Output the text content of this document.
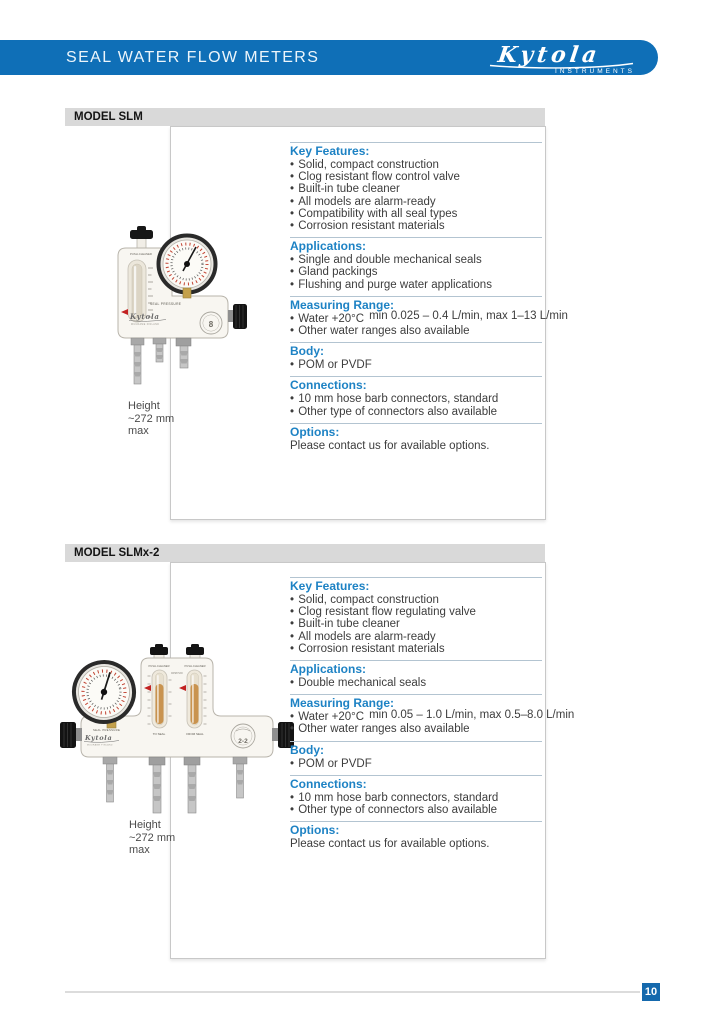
SEAL WATER FLOW METERS	Kytola
INSTRUMENTS
MODEL SLM
PUSH-CLEANER
SEAL PRESSURE
8
Kytola
MUURAME FINLAND
Height
~272 mm
max
Key Features:
• Solid, compact construction
• Clog resistant flow control valve
• Built-in tube cleaner
• All models are alarm-ready
• Compatibility with all seal types
• Corrosion resistant materials
Applications:
• Single and double mechanical seals
• Gland packings
• Flushing and purge water applications
Measuring Range:
• Water +20°C min 0.025 – 0.4 L/min, max 1–13 L/min
• Other water ranges also available
Body:
• POM or PVDF
Connections:
• 10 mm hose barb connectors, standard
• Other type of connectors also available
Options:
Please contact us for available options.
MODEL SLMx-2
PUSH-CLEANER	PUSH-CLEANER
DPM H2O
TO SEAL	FROM SEAL
SEAL PRESSURE
2-2
Kytola
MUURAME FINLAND
Height
~272 mm
max
Key Features:
• Solid, compact construction
• Clog resistant flow regulating valve
• Built-in tube cleaner
• All models are alarm-ready
• Corrosion resistant materials
Applications:
• Double mechanical seals
Measuring Range:
• Water +20°C min 0.05 – 1.0 L/min, max 0.5–8.0 L/min
• Other water ranges also available
Body:
• POM or PVDF
Connections:
• 10 mm hose barb connectors, standard
• Other type of connectors also available
Options:
Please contact us for available options.
10
